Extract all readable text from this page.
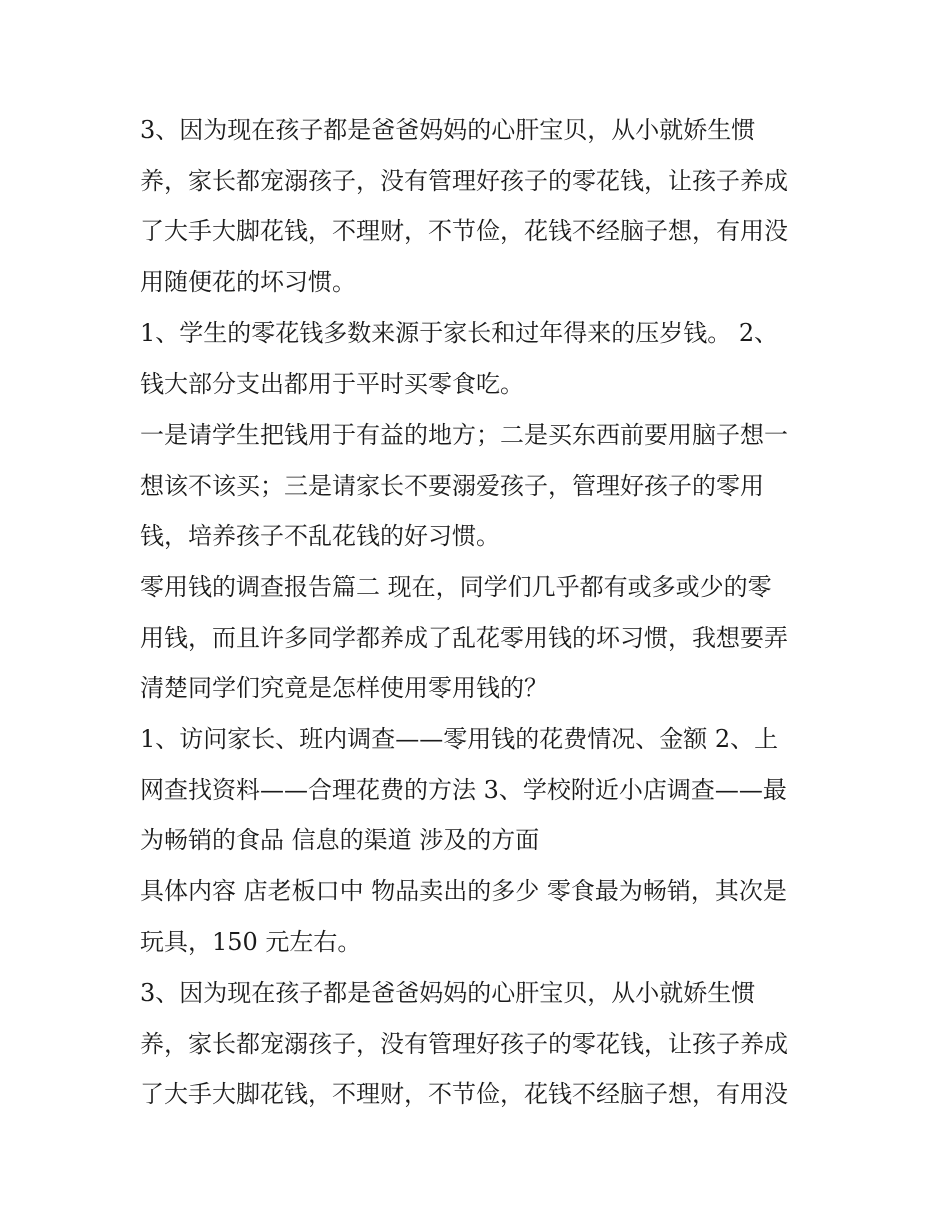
3、因为现在孩子都是爸爸妈妈的心肝宝贝，从小就娇生惯
养，家长都宠溺孩子，没有管理好孩子的零花钱，让孩子养成
了大手大脚花钱，不理财，不节俭，花钱不经脑子想，有用没
用随便花的坏习惯。
1、学生的零花钱多数来源于家长和过年得来的压岁钱。 2、
钱大部分支出都用于平时买零食吃。
一是请学生把钱用于有益的地方；二是买东西前要用脑子想一
想该不该买；三是请家长不要溺爱孩子，管理好孩子的零用
钱，培养孩子不乱花钱的好习惯。
零用钱的调查报告篇二 现在，同学们几乎都有或多或少的零
用钱，而且许多同学都养成了乱花零用钱的坏习惯，我想要弄
清楚同学们究竟是怎样使用零用钱的？
1、访问家长、班内调查——零用钱的花费情况、金额 2、上
网查找资料——合理花费的方法 3、学校附近小店调查——最
为畅销的食品 信息的渠道 涉及的方面
具体内容 店老板口中 物品卖出的多少 零食最为畅销，其次是
玩具，150 元左右。
3、因为现在孩子都是爸爸妈妈的心肝宝贝，从小就娇生惯
养，家长都宠溺孩子，没有管理好孩子的零花钱，让孩子养成
了大手大脚花钱，不理财，不节俭，花钱不经脑子想，有用没
